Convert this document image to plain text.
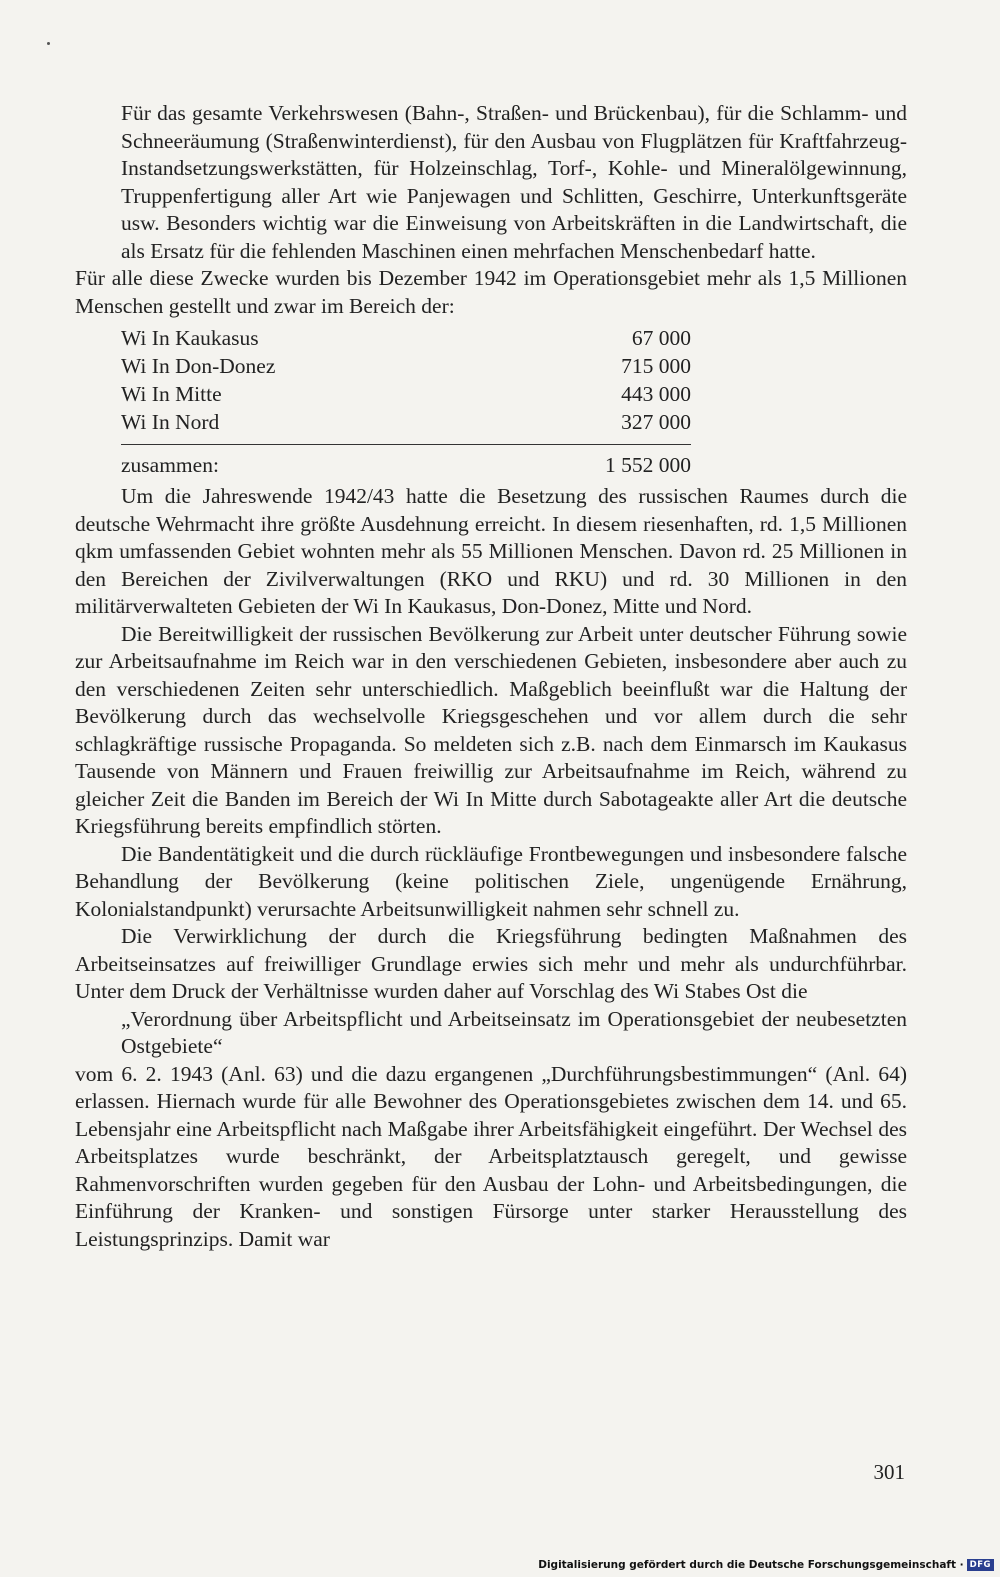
Für das gesamte Verkehrswesen (Bahn-, Straßen- und Brückenbau), für die Schlamm- und Schneeräumung (Straßenwinterdienst), für den Ausbau von Flugplätzen für Kraftfahrzeug-Instandsetzungswerkstätten, für Holzeinschlag, Torf-, Kohle- und Mineralölgewinnung, Truppenfertigung aller Art wie Panjewagen und Schlitten, Geschirre, Unterkunftsgeräte usw. Besonders wichtig war die Einweisung von Arbeitskräften in die Landwirtschaft, die als Ersatz für die fehlenden Maschinen einen mehrfachen Menschenbedarf hatte.

Für alle diese Zwecke wurden bis Dezember 1942 im Operationsgebiet mehr als 1,5 Millionen Menschen gestellt und zwar im Bereich der:

Wi In Kaukasus	67 000
Wi In Don-Donez	715 000
Wi In Mitte	443 000
Wi In Nord	327 000
zusammen:	1 552 000

Um die Jahreswende 1942/43 hatte die Besetzung des russischen Raumes durch die deutsche Wehrmacht ihre größte Ausdehnung erreicht. In diesem riesenhaften, rd. 1,5 Millionen qkm umfassenden Gebiet wohnten mehr als 55 Millionen Menschen. Davon rd. 25 Millionen in den Bereichen der Zivilverwaltungen (RKO und RKU) und rd. 30 Millionen in den militärverwalteten Gebieten der Wi In Kaukasus, Don-Donez, Mitte und Nord.

Die Bereitwilligkeit der russischen Bevölkerung zur Arbeit unter deutscher Führung sowie zur Arbeitsaufnahme im Reich war in den verschiedenen Gebieten, insbesondere aber auch zu den verschiedenen Zeiten sehr unterschiedlich. Maßgeblich beeinflußt war die Haltung der Bevölkerung durch das wechselvolle Kriegsgeschehen und vor allem durch die sehr schlagkräftige russische Propaganda. So meldeten sich z.B. nach dem Einmarsch im Kaukasus Tausende von Männern und Frauen freiwillig zur Arbeitsaufnahme im Reich, während zu gleicher Zeit die Banden im Bereich der Wi In Mitte durch Sabotageakte aller Art die deutsche Kriegsführung bereits empfindlich störten.

Die Bandentätigkeit und die durch rückläufige Frontbewegungen und insbesondere falsche Behandlung der Bevölkerung (keine politischen Ziele, ungenügende Ernährung, Kolonialstandpunkt) verursachte Arbeitsunwilligkeit nahmen sehr schnell zu.

Die Verwirklichung der durch die Kriegsführung bedingten Maßnahmen des Arbeitseinsatzes auf freiwilliger Grundlage erwies sich mehr und mehr als undurchführbar. Unter dem Druck der Verhältnisse wurden daher auf Vorschlag des Wi Stabes Ost die

„Verordnung über Arbeitspflicht und Arbeitseinsatz im Operationsgebiet der neubesetzten Ostgebiete“

vom 6. 2. 1943 (Anl. 63) und die dazu ergangenen „Durchführungsbestimmungen“ (Anl. 64) erlassen. Hiernach wurde für alle Bewohner des Operationsgebietes zwischen dem 14. und 65. Lebensjahr eine Arbeitspflicht nach Maßgabe ihrer Arbeitsfähigkeit eingeführt. Der Wechsel des Arbeitsplatzes wurde beschränkt, der Arbeitsplatztausch geregelt, und gewisse Rahmenvorschriften wurden gegeben für den Ausbau der Lohn- und Arbeitsbedingungen, die Einführung der Kranken- und sonstigen Fürsorge unter starker Herausstellung des Leistungsprinzips. Damit war

301
Digitalisierung gefördert durch die Deutsche Forschungsgemeinschaft · DFG
